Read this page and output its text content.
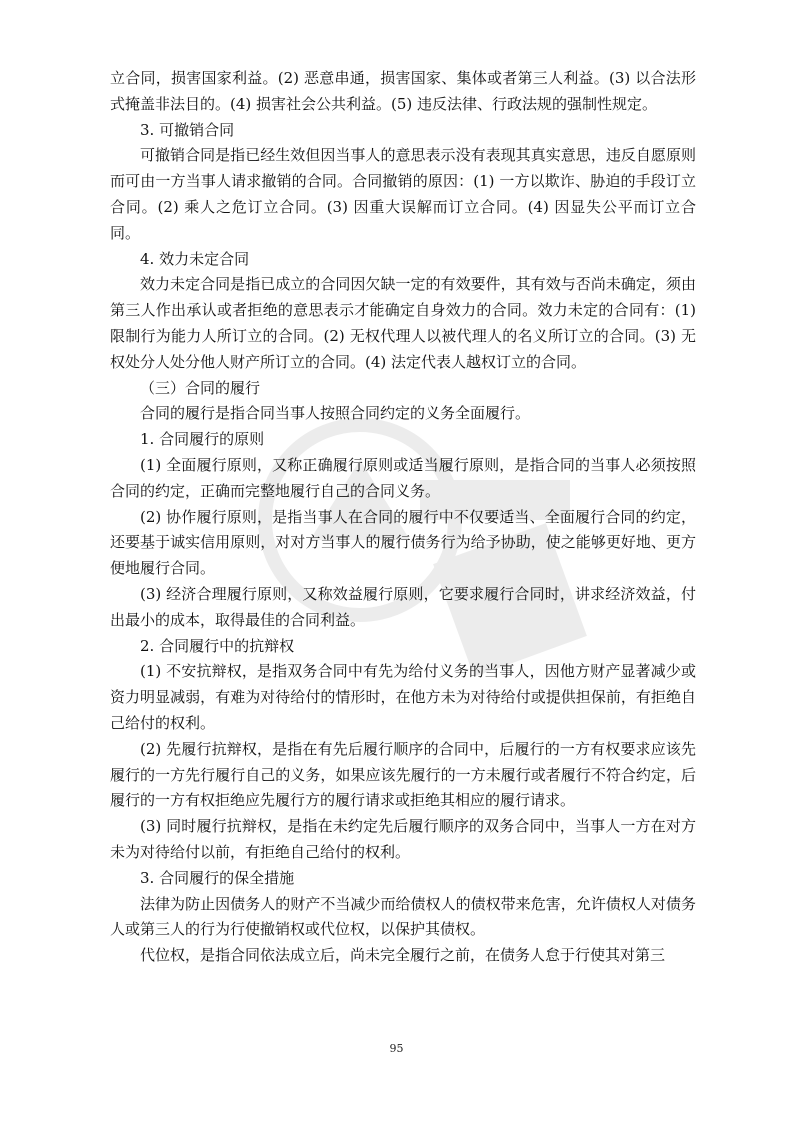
立合同，损害国家利益。(2) 恶意串通，损害国家、集体或者第三人利益。(3) 以合法形式掩盖非法目的。(4) 损害社会公共利益。(5) 违反法律、行政法规的强制性规定。

3. 可撤销合同

可撤销合同是指已经生效但因当事人的意思表示没有表现其真实意思，违反自愿原则而可由一方当事人请求撤销的合同。合同撤销的原因：(1) 一方以欺诈、胁迫的手段订立合同。(2) 乘人之危订立合同。(3) 因重大误解而订立合同。(4) 因显失公平而订立合同。

4. 效力未定合同

效力未定合同是指已成立的合同因欠缺一定的有效要件，其有效与否尚未确定，须由第三人作出承认或者拒绝的意思表示才能确定自身效力的合同。效力未定的合同有：(1) 限制行为能力人所订立的合同。(2) 无权代理人以被代理人的名义所订立的合同。(3) 无权处分人处分他人财产所订立的合同。(4) 法定代表人越权订立的合同。

（三）合同的履行

合同的履行是指合同当事人按照合同约定的义务全面履行。

1. 合同履行的原则

(1) 全面履行原则，又称正确履行原则或适当履行原则，是指合同的当事人必须按照合同的约定，正确而完整地履行自己的合同义务。

(2) 协作履行原则，是指当事人在合同的履行中不仅要适当、全面履行合同的约定，还要基于诚实信用原则，对对方当事人的履行债务行为给予协助，使之能够更好地、更方便地履行合同。

(3) 经济合理履行原则，又称效益履行原则，它要求履行合同时，讲求经济效益，付出最小的成本，取得最佳的合同利益。

2. 合同履行中的抗辩权

(1) 不安抗辩权，是指双务合同中有先为给付义务的当事人，因他方财产显著减少或资力明显减弱，有难为对待给付的情形时，在他方未为对待给付或提供担保前，有拒绝自己给付的权利。

(2) 先履行抗辩权，是指在有先后履行顺序的合同中，后履行的一方有权要求应该先履行的一方先行履行自己的义务，如果应该先履行的一方未履行或者履行不符合约定，后履行的一方有权拒绝应先履行方的履行请求或拒绝其相应的履行请求。

(3) 同时履行抗辩权，是指在未约定先后履行顺序的双务合同中，当事人一方在对方未为对待给付以前，有拒绝自己给付的权利。

3. 合同履行的保全措施

法律为防止因债务人的财产不当减少而给债权人的债权带来危害，允许债权人对债务人或第三人的行为行使撤销权或代位权，以保护其债权。

代位权，是指合同依法成立后，尚未完全履行之前，在债务人怠于行使其对第三

95
